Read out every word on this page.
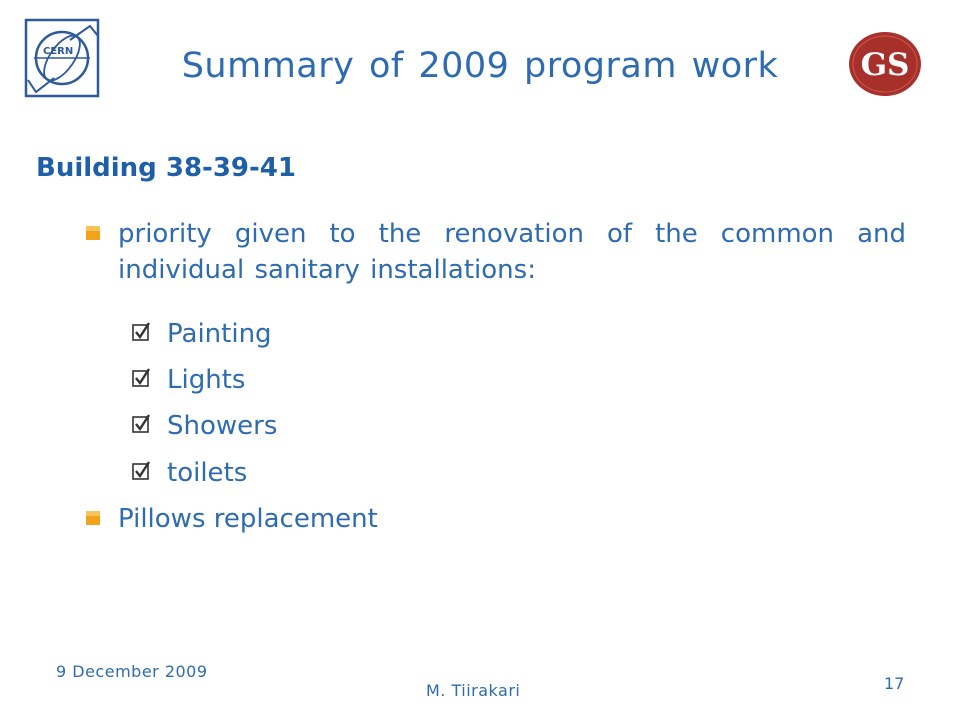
CERN	Summary of 2009 program work	GS
Building 38-39-41
priority given to the renovation of the common and individual sanitary installations:
Painting
Lights
Showers
toilets
Pillows replacement
9 December 2009
M. Tiirakari	17
